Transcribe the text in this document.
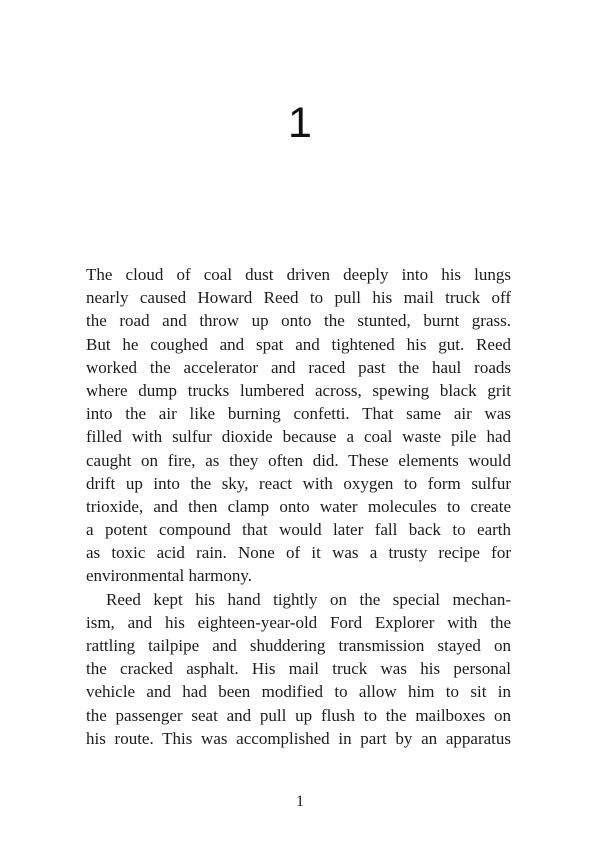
1
The cloud of coal dust driven deeply into his lungs
nearly caused Howard Reed to pull his mail truck off
the road and throw up onto the stunted, burnt grass.
But he coughed and spat and tightened his gut. Reed
worked the accelerator and raced past the haul roads
where dump trucks lumbered across, spewing black grit
into the air like burning confetti. That same air was
filled with sulfur dioxide because a coal waste pile had
caught on fire, as they often did. These elements would
drift up into the sky, react with oxygen to form sulfur
trioxide, and then clamp onto water molecules to create
a potent compound that would later fall back to earth
as toxic acid rain. None of it was a trusty recipe for
environmental harmony.
Reed kept his hand tightly on the special mechan-
ism, and his eighteen-year-old Ford Explorer with the
rattling tailpipe and shuddering transmission stayed on
the cracked asphalt. His mail truck was his personal
vehicle and had been modified to allow him to sit in
the passenger seat and pull up flush to the mailboxes on
his route. This was accomplished in part by an apparatus
1
